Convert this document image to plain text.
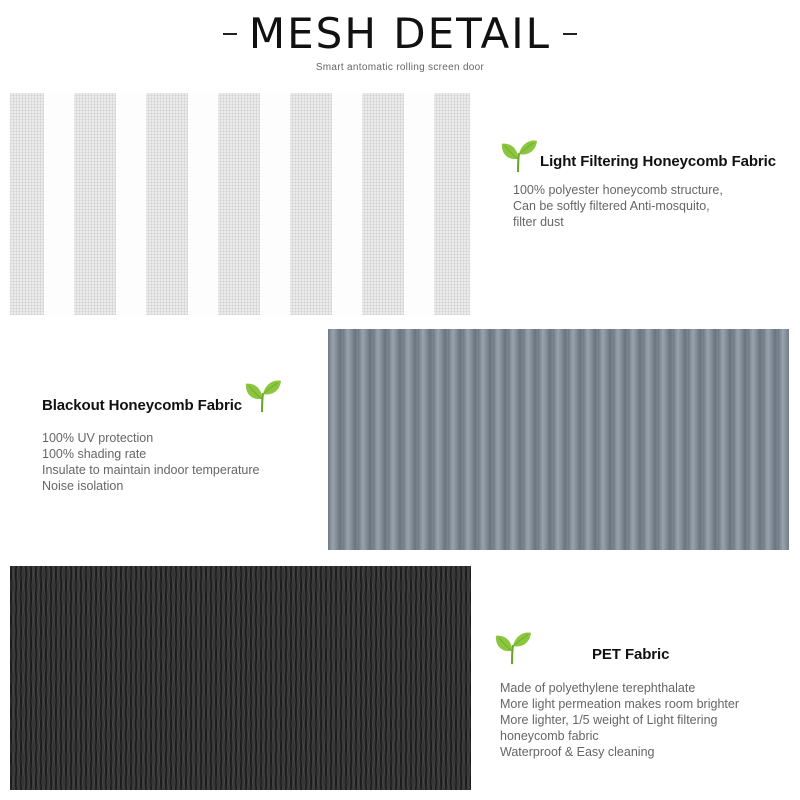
MESH DETAIL
Smart antomatic rolling screen door
Light Filtering Honeycomb Fabric
100% polyester honeycomb structure,
Can be softly filtered Anti-mosquito,
filter dust
Blackout Honeycomb Fabric
100% UV protection
100% shading rate
Insulate to maintain indoor temperature
Noise isolation
PET Fabric
Made of polyethylene terephthalate
More light permeation makes room brighter
More lighter, 1/5 weight of Light filtering
honeycomb fabric
Waterproof & Easy cleaning
